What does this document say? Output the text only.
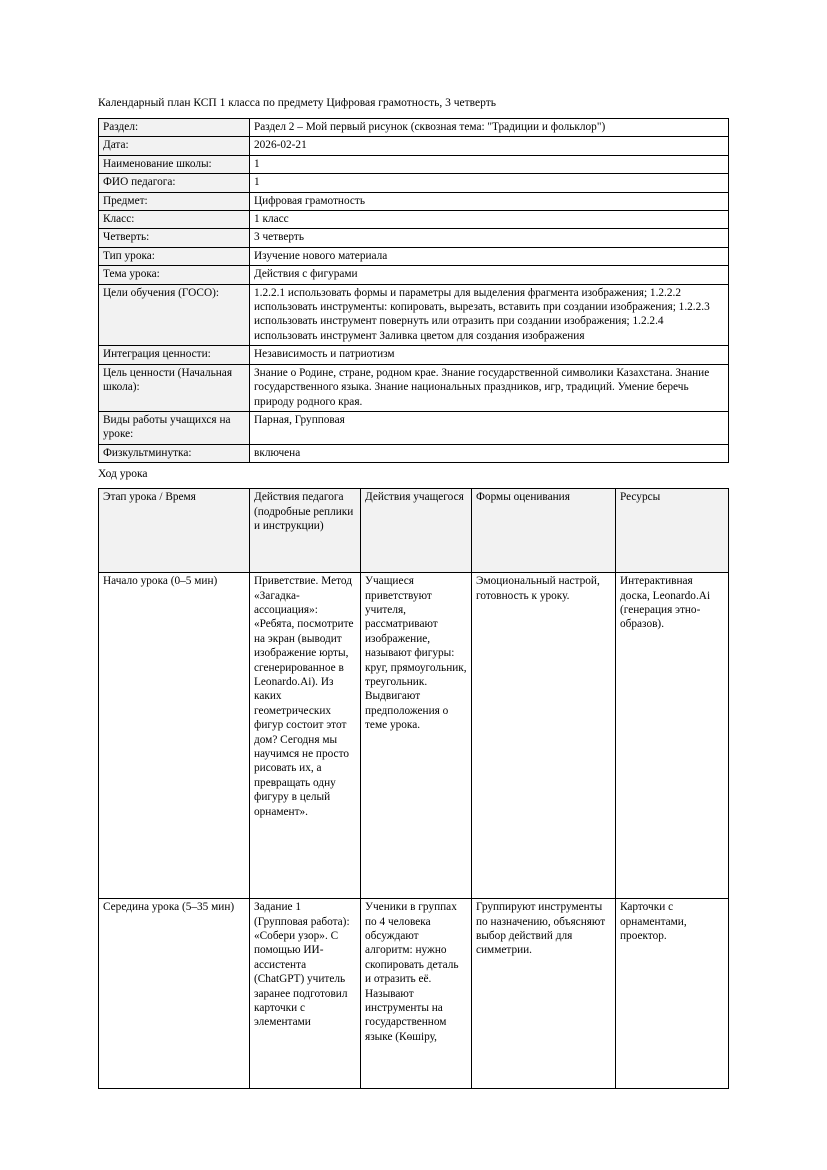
Календарный план КСП 1 класса по предмету Цифровая грамотность, 3 четверть

Раздел:	Раздел 2 – Мой первый рисунок (сквозная тема: "Традиции и фольклор")
Дата:	2026-02-21
Наименование школы:	1
ФИО педагога:	1
Предмет:	Цифровая грамотность
Класс:	1 класс
Четверть:	3 четверть
Тип урока:	Изучение нового материала
Тема урока:	Действия с фигурами
Цели обучения (ГОСО):	1.2.2.1 использовать формы и параметры для выделения фрагмента изображения; 1.2.2.2 использовать инструменты: копировать, вырезать, вставить при создании изображения; 1.2.2.3 использовать инструмент повернуть или отразить при создании изображения; 1.2.2.4 использовать инструмент Заливка цветом для создания изображения
Интеграция ценности:	Независимость и патриотизм
Цель ценности (Начальная школа):	Знание о Родине, стране, родном крае. Знание государственной символики Казахстана. Знание государственного языка. Знание национальных праздников, игр, традиций. Умение беречь природу родного края.
Виды работы учащихся на уроке:	Парная, Групповая
Физкультминутка:	включена

Ход урока

Этап урока / Время	Действия педагога (подробные реплики и инструкции)	Действия учащегося	Формы оценивания	Ресурсы
Начало урока (0–5 мин)	Приветствие. Метод «Загадка-ассоциация»: «Ребята, посмотрите на экран (выводит изображение юрты, сгенерированное в Leonardo.Ai). Из каких геометрических фигур состоит этот дом? Сегодня мы научимся не просто рисовать их, а превращать одну фигуру в целый орнамент».	Учащиеся приветствуют учителя, рассматривают изображение, называют фигуры: круг, прямоугольник, треугольник. Выдвигают предположения о теме урока.	Эмоциональный настрой, готовность к уроку.	Интерактивная доска, Leonardo.Ai (генерация этно-образов).
Середина урока (5–35 мин)	Задание 1 (Групповая работа): «Собери узор». С помощью ИИ-ассистента (ChatGPT) учитель заранее подготовил карточки с элементами	Ученики в группах по 4 человека обсуждают алгоритм: нужно скопировать деталь и отразить её. Называют инструменты на государственном языке (Көшіру,	Группируют инструменты по назначению, объясняют выбор действий для симметрии.	Карточки с орнаментами, проектор.
